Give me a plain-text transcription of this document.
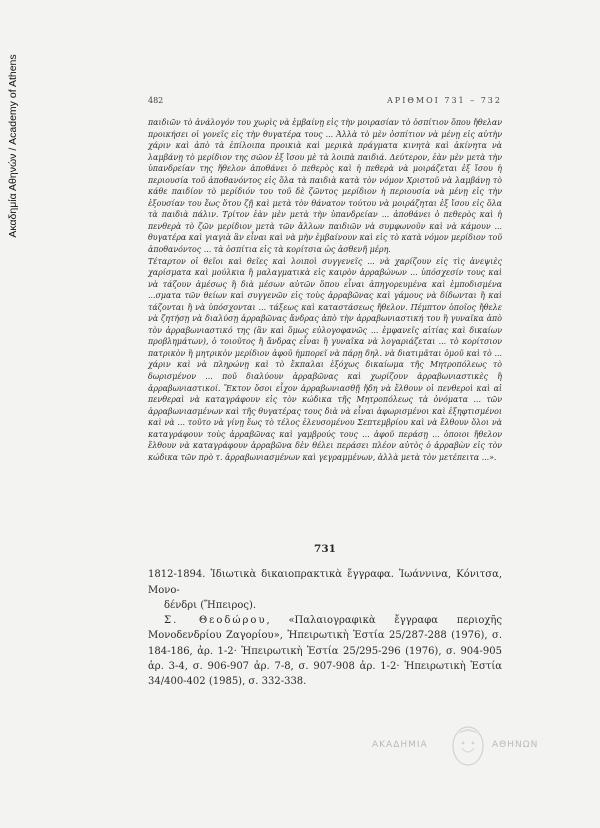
Ακαδημία Αθηνών / Academy of Athens	482	ΑΡΙΘΜΟΙ 731 – 732

παιδιῶν τὸ ἀνάλογόν του χωρὶς νὰ ἐμβαίνῃ εἰς τὴν μοιρασίαν τὸ ὁσπίτιον ὅπου ἤθελαν προικήσει οἱ γονεῖς εἰς τὴν θυγατέρα τους ... Ἀλλὰ τὸ μὲν ὁσπίτιον νὰ μένῃ εἰς αὐτὴν χάριν καὶ ἀπὸ τὰ ἐπίλοιπα προικιὰ καὶ μερικὰ πράγματα κινητὰ καὶ ἀκίνητα νὰ λαμβάνῃ τὸ μερίδιον της σῶον ἐξ ἴσου μὲ τὰ λοιπὰ παιδιά. Δεύτερον, ἐὰν μὲν μετὰ τὴν ὑπανδρείαν της ἤθελον ἀποθάνει ὁ πεθερὸς καὶ ἡ πεθερὰ νὰ μοιράζεται ἐξ ἴσου ἡ περιουσία τοῦ ἀποθανόντος εἰς ὅλα τὰ παιδιὰ κατὰ τὸν νόμον Χριστοῦ νὰ λαμβάνῃ τὸ κάθε παιδίον τὸ μερίδιόν του τοῦ δὲ ζῶντος μερίδιον ἡ περιουσία νὰ μένῃ εἰς τὴν ἐξουσίαν του ἕως ὅτου ζῇ καὶ μετὰ τὸν θάνατον τούτου νὰ μοιράζηται ἐξ ἴσου εἰς ὅλα τὰ παιδιὰ πάλιν. Τρίτον ἐὰν μὲν μετὰ τὴν ὑπανδρείαν ... ἀποθάνει ὁ πεθερὸς καὶ ἡ πενθερὰ τὸ ζῶν μερίδιον μετὰ τῶν ἄλλων παιδιῶν νὰ συμφωνοῦν καὶ νὰ κάμουν ... θυγατέρα καὶ γιαγιὰ ἂν εἶναι καὶ νὰ μὴν ἐμβαίνουν καὶ εἰς τὸ κατὰ νόμον μερίδιον τοῦ ἀποθανόντος ... τὰ ὁσπίτια εἰς τὰ κορίτσια ὡς ἀσθενῆ μέρη.

Τέταρτον οἱ θεῖοι καὶ θεῖες καὶ λοιποὶ συγγενεῖς ... νὰ χαρίζουν εἰς τὶς ἀνεψιὲς χαρίσματα καὶ μούλκια ἢ μαλαγματικὰ εἰς καιρὸν ἀρραβώνων ... ὑπόσχεσίν τους καὶ νὰ τάζουν ἀμέσως ἢ διὰ μέσων αὐτῶν ὅπου εἶναι ἀπηγορευμένα καὶ ἐμποδισμένα ...σματα τῶν θείων καὶ συγγενῶν εἰς τοὺς ἀρραβῶνας καὶ γάμους νὰ δίδωνται ἢ καὶ τάζονται ἢ νὰ ὑπόσχονται ... τάξεως καὶ καταστάσεως ἤθελον. Πέμπτον ὁποῖος ἤθελε νὰ ζητήσῃ νὰ διαλύσῃ ἀρραβῶνας ἄνδρας ἀπὸ τὴν ἀρραβωνιαστική του ἢ γυναῖκα ἀπὸ τὸν ἀρραβωνιαστικό της (ἂν καὶ ὅμως εὐλογοφανῶς ... ἐμφανεῖς αἰτίας καὶ δικαίων προβλημάτων), ὁ τοιοῦτος ἢ ἄνδρας εἶναι ἢ γυναῖκα νὰ λογαριάζεται ... τὸ κορίτσιον πατρικὸν ἢ μητρικὸν μερίδιον ἀφοῦ ἠμπορεῖ νὰ πάρῃ δηλ. νὰ διατιμᾶται ὁμοῦ καὶ τὸ ... χάριν καὶ νὰ πληρώνῃ καὶ τὸ ἔκπαλαι ἐξόχως δικαίωμα τῆς Μητροπόλεως τὸ δωρισμένον ... ποῦ διαλύουν ἀρραβῶνας καὶ χωρίζουν ἀρραβωνιαστικὲς ἢ ἀρραβωνιαστικοί. Ἔκτον ὅσοι εἶχον ἀρραβωνιασθῇ ἤδη νὰ ἔλθουν οἱ πενθεροὶ καὶ αἱ πενθεραὶ νὰ καταγράφουν εἰς τὸν κώδικα τῆς Μητροπόλεως τὰ ὀνόματα ... τῶν ἀρραβωνιασμένων καὶ τῆς θυγατέρας τους διὰ νὰ εἶναι ἀφωρισμένοι καὶ ἐξηφτισμένοι καὶ νὰ ... τοῦτο νὰ γίνῃ ἕως τὸ τέλος ἐλευσομένου Σεπτεμβρίου καὶ νὰ ἔλθουν ὅλοι νὰ καταγράφουν τοὺς ἀρραβῶνας καὶ γαμβρούς τους ... ἀφοῦ περάσῃ ... ὁποιοι ἤθελον ἔλθουν νὰ καταγράφουν ἀρραβῶνα δὲν θέλει περάσει πλέον αὐτὸς ὁ ἀρραβὼν εἰς τὸν κώδικα τῶν πρὸ τ. ἀρραβωνιασμένων καὶ γεγραμμένων, ἀλλὰ μετὰ τὸν μετέπειτα ...».

731

1812-1894. Ἰδιωτικὰ δικαιοπρακτικὰ ἔγγραφα. Ἰωάννινα, Κόνιτσα, Μονο-

δένδρι (Ἤπειρος).

Σ. Θεοδώρου, «Παλαιογραφικὰ ἔγγραφα περιοχῆς Μονοδενδρίου Ζαγορίου», Ἠπειρωτικὴ Ἑστία 25/287-288 (1976), σ. 184-186, ἀρ. 1-2· Ἠπειρωτικὴ Ἑστία 25/295-296 (1976), σ. 904-905 ἀρ. 3-4, σ. 906-907 ἀρ. 7-8, σ. 907-908 ἀρ. 1-2· Ἠπειρωτικὴ Ἑστία 34/400-402 (1985), σ. 332-338.

ΑΚΑΔΗΜΙΑ	ΑΘΗΝΩΝ
